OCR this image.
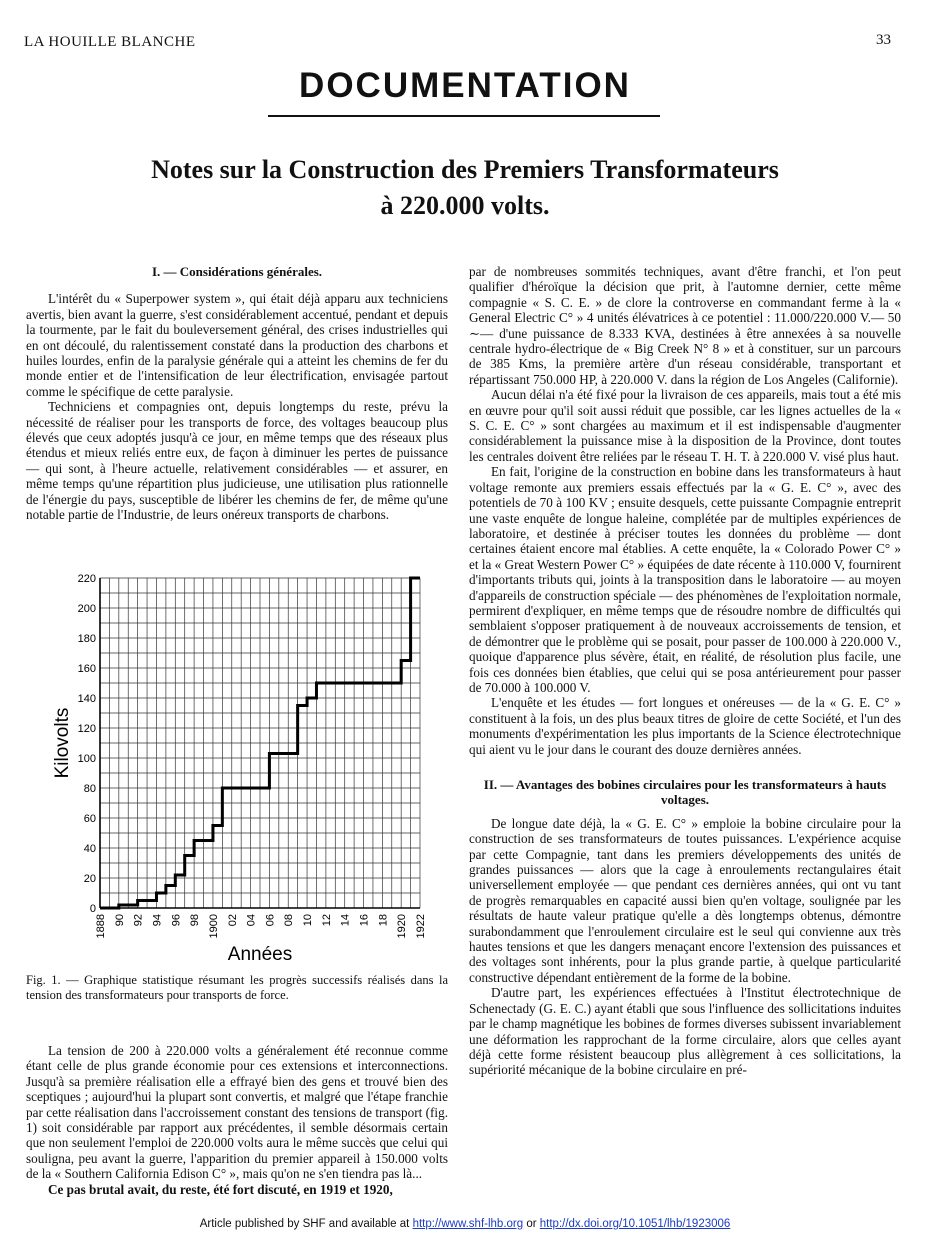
LA HOUILLE BLANCHE	33
DOCUMENTATION
Notes sur la Construction des Premiers Transformateurs
à 220.000 volts.
I. — Considérations générales.

L'intérêt du « Superpower system », qui était déjà apparu aux techniciens avertis, bien avant la guerre, s'est considérablement accentué, pendant et depuis la tourmente, par le fait du bouleversement général, des crises industrielles qui en ont découlé, du ralentissement constaté dans la production des charbons et huiles lourdes, enfin de la paralysie générale qui a atteint les chemins de fer du monde entier et de l'intensification de leur électrification, envisagée partout comme le spécifique de cette paralysie.

Techniciens et compagnies ont, depuis longtemps du reste, prévu la nécessité de réaliser pour les transports de force, des voltages beaucoup plus élevés que ceux adoptés jusqu'à ce jour, en même temps que des réseaux plus étendus et mieux reliés entre eux, de façon à diminuer les pertes de puissance — qui sont, à l'heure actuelle, relativement considérables — et assurer, en même temps qu'une répartition plus judicieuse, une utilisation plus rationnelle de l'énergie du pays, susceptible de libérer les chemins de fer, de même qu'une notable partie de l'Industrie, de leurs onéreux transports de charbons.

0
20
40
60
80
100
120
140
160
180
200
220
1888 90 92 94 96 98 1900 02 04 06 08 10 12 14 16 18 1920 1922
Kilovolts
Années
Fig. 1. — Graphique statistique résumant les progrès successifs réalisés dans la tension des transformateurs pour transports de force.

La tension de 200 à 220.000 volts a généralement été reconnue comme étant celle de plus grande économie pour ces extensions et interconnections. Jusqu'à sa première réalisation elle a effrayé bien des gens et trouvé bien des sceptiques ; aujourd'hui la plupart sont convertis, et malgré que l'étape franchie par cette réalisation dans l'accroissement constant des tensions de transport (fig. 1) soit considérable par rapport aux précédentes, il semble désormais certain que non seulement l'emploi de 220.000 volts aura le même succès que celui qui souligna, peu avant la guerre, l'apparition du premier appareil à 150.000 volts de la « Southern California Edison C° », mais qu'on ne s'en tiendra pas là...

Ce pas brutal avait, du reste, été fort discuté, en 1919 et 1920,

par de nombreuses sommités techniques, avant d'être franchi, et l'on peut qualifier d'héroïque la décision que prit, à l'automne dernier, cette même compagnie « S. C. E. » de clore la controverse en commandant ferme à la « General Electric C° » 4 unités élévatrices à ce potentiel : 11.000/220.000 V.— 50 ∼— d'une puissance de 8.333 KVA, destinées à être annexées à sa nouvelle centrale hydro-électrique de « Big Creek N° 8 » et à constituer, sur un parcours de 385 Kms, la première artère d'un réseau considérable, transportant et répartissant 750.000 HP, à 220.000 V. dans la région de Los Angeles (Californie).

Aucun délai n'a été fixé pour la livraison de ces appareils, mais tout a été mis en œuvre pour qu'il soit aussi réduit que possible, car les lignes actuelles de la « S. C. E. C° » sont chargées au maximum et il est indispensable d'augmenter considérablement la puissance mise à la disposition de la Province, dont toutes les centrales doivent être reliées par le réseau T. H. T. à 220.000 V. visé plus haut.

En fait, l'origine de la construction en bobine dans les transformateurs à haut voltage remonte aux premiers essais effectués par la « G. E. C° », avec des potentiels de 70 à 100 KV ; ensuite desquels, cette puissante Compagnie entreprit une vaste enquête de longue haleine, complétée par de multiples expériences de laboratoire, et destinée à préciser toutes les données du problème — dont certaines étaient encore mal établies. A cette enquête, la « Colorado Power C° » et la « Great Western Power C° » équipées de date récente à 110.000 V, fournirent d'importants tributs qui, joints à la transposition dans le laboratoire — au moyen d'appareils de construction spéciale — des phénomènes de l'exploitation normale, permirent d'expliquer, en même temps que de résoudre nombre de difficultés qui semblaient s'opposer pratiquement à de nouveaux accroissements de tension, et de démontrer que le problème qui se posait, pour passer de 100.000 à 220.000 V., quoique d'apparence plus sévère, était, en réalité, de résolution plus facile, une fois ces données bien établies, que celui qui se posa antérieurement pour passer de 70.000 à 100.000 V.

L'enquête et les études — fort longues et onéreuses — de la « G. E. C° » constituent à la fois, un des plus beaux titres de gloire de cette Société, et l'un des monuments d'expérimentation les plus importants de la Science électrotechnique qui aient vu le jour dans le courant des douze dernières années.

II. — Avantages des bobines circulaires pour les transformateurs à hauts voltages.

De longue date déjà, la « G. E. C° » emploie la bobine circulaire pour la construction de ses transformateurs de toutes puissances. L'expérience acquise par cette Compagnie, tant dans les premiers développements des unités de grandes puissances — alors que la cage à enroulements rectangulaires était universellement employée — que pendant ces dernières années, qui ont vu tant de progrès remarquables en capacité aussi bien qu'en voltage, soulignée par les résultats de haute valeur pratique qu'elle a dès longtemps obtenus, démontre surabondamment que l'enroulement circulaire est le seul qui convienne aux très hautes tensions et que les dangers menaçant encore l'extension des puissances et des voltages sont inhérents, pour la plus grande partie, à quelque particularité constructive dépendant entièrement de la forme de la bobine.

D'autre part, les expériences effectuées à l'Institut électrotechnique de Schenectady (G. E. C.) ayant établi que sous l'influence des sollicitations induites par le champ magnétique les bobines de formes diverses subissent invariablement une déformation les rapprochant de la forme circulaire, alors que celles ayant déjà cette forme résistent beaucoup plus allègrement à ces sollicitations, la supériorité mécanique de la bobine circulaire en pré-

Article published by SHF and available at http://www.shf-lhb.org or http://dx.doi.org/10.1051/lhb/1923006
